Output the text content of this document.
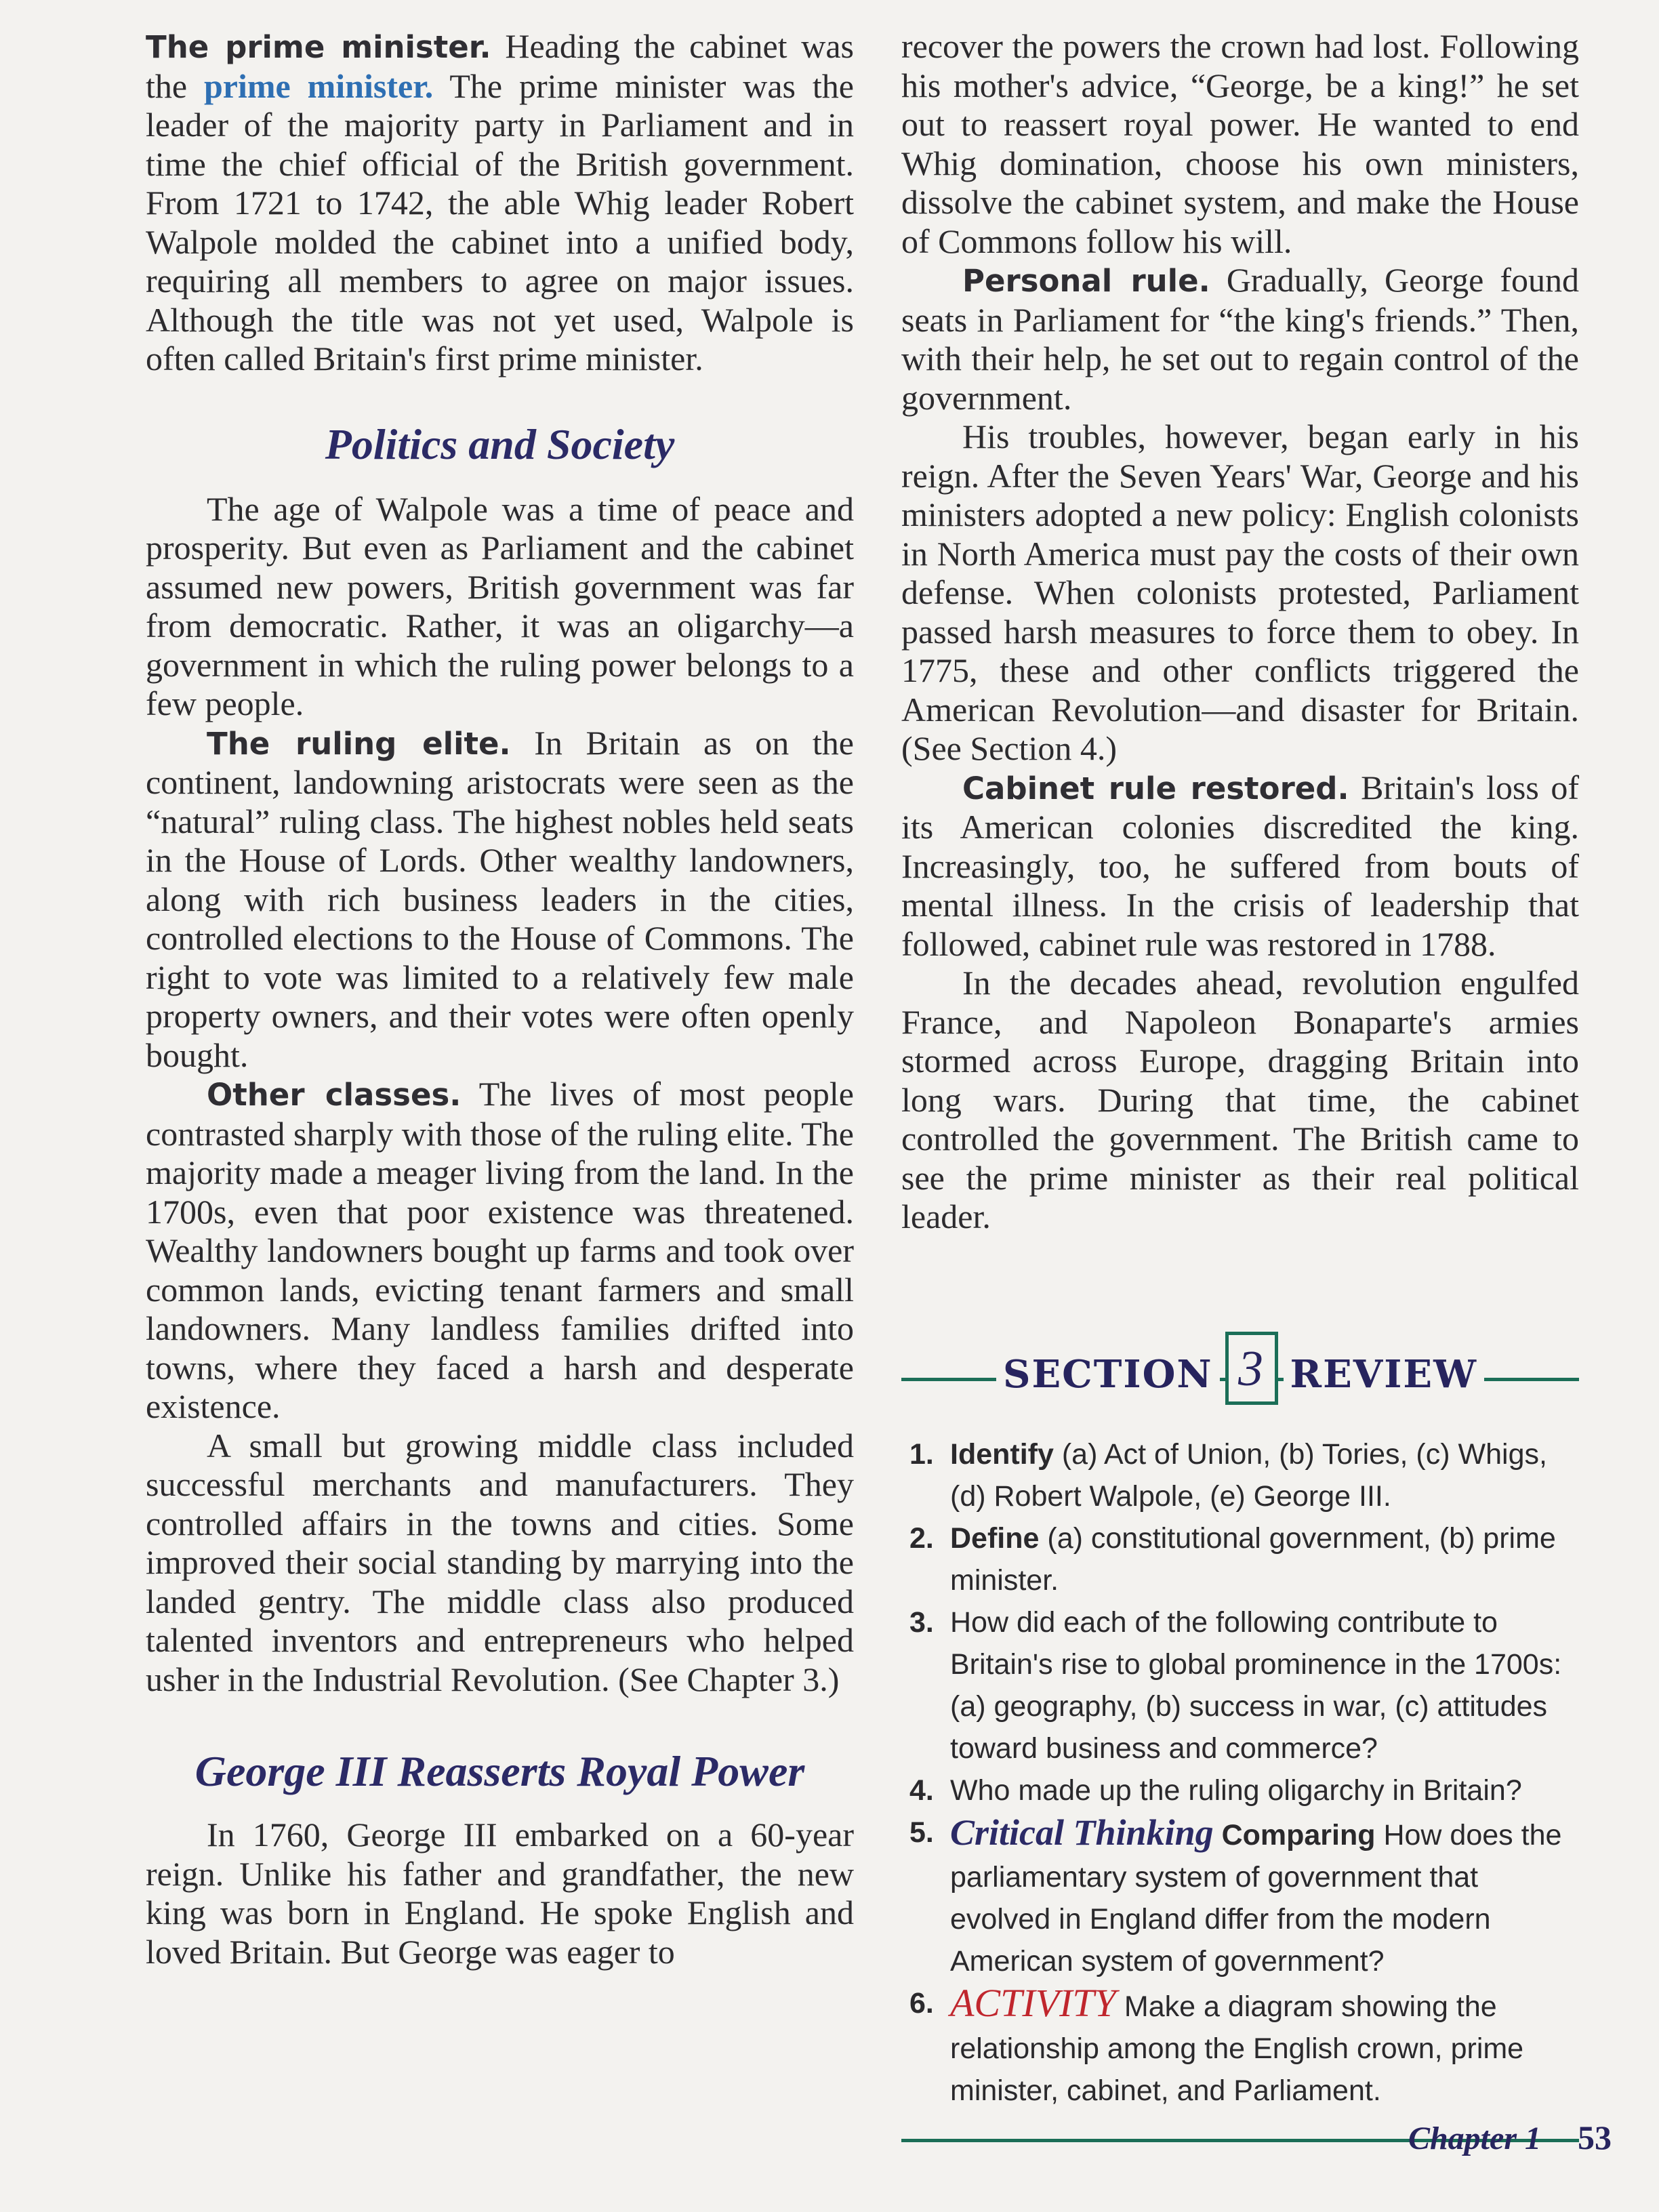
The prime minister. Heading the cabinet was the prime minister. The prime minister was the leader of the majority party in Parliament and in time the chief official of the British government. From 1721 to 1742, the able Whig leader Robert Walpole molded the cabinet into a unified body, requiring all members to agree on major issues. Although the title was not yet used, Walpole is often called Britain's first prime minister.

Politics and Society

The age of Walpole was a time of peace and prosperity. But even as Parliament and the cabinet assumed new powers, British government was far from democratic. Rather, it was an oligarchy—a government in which the ruling power belongs to a few people.

The ruling elite. In Britain as on the continent, landowning aristocrats were seen as the “natural” ruling class. The highest nobles held seats in the House of Lords. Other wealthy landowners, along with rich business leaders in the cities, controlled elections to the House of Commons. The right to vote was limited to a relatively few male property owners, and their votes were often openly bought.

Other classes. The lives of most people contrasted sharply with those of the ruling elite. The majority made a meager living from the land. In the 1700s, even that poor existence was threatened. Wealthy landowners bought up farms and took over common lands, evicting tenant farmers and small landowners. Many landless families drifted into towns, where they faced a harsh and desperate existence.

A small but growing middle class included successful merchants and manufacturers. They controlled affairs in the towns and cities. Some improved their social standing by marrying into the landed gentry. The middle class also produced talented inventors and entrepreneurs who helped usher in the Industrial Revolution. (See Chapter 3.)

George III Reasserts Royal Power

In 1760, George III embarked on a 60-year reign. Unlike his father and grandfather, the new king was born in England. He spoke English and loved Britain. But George was eager to

recover the powers the crown had lost. Following his mother's advice, “George, be a king!” he set out to reassert royal power. He wanted to end Whig domination, choose his own ministers, dissolve the cabinet system, and make the House of Commons follow his will.

Personal rule. Gradually, George found seats in Parliament for “the king's friends.” Then, with their help, he set out to regain control of the government.

His troubles, however, began early in his reign. After the Seven Years' War, George and his ministers adopted a new policy: English colonists in North America must pay the costs of their own defense. When colonists protested, Parliament passed harsh measures to force them to obey. In 1775, these and other conflicts triggered the American Revolution—and disaster for Britain. (See Section 4.)

Cabinet rule restored. Britain's loss of its American colonies discredited the king. Increasingly, too, he suffered from bouts of mental illness. In the crisis of leadership that followed, cabinet rule was restored in 1788.

In the decades ahead, revolution engulfed France, and Napoleon Bonaparte's armies stormed across Europe, dragging Britain into long wars. During that time, the cabinet controlled the government. The British came to see the prime minister as their real political leader.

SECTION 3 REVIEW
1. Identify (a) Act of Union, (b) Tories, (c) Whigs, (d) Robert Walpole, (e) George III.
2. Define (a) constitutional government, (b) prime minister.
3. How did each of the following contribute to Britain's rise to global prominence in the 1700s: (a) geography, (b) success in war, (c) attitudes toward business and commerce?
4. Who made up the ruling oligarchy in Britain?
5. Critical Thinking Comparing How does the parliamentary system of government that evolved in England differ from the modern American system of government?
6. ACTIVITY Make a diagram showing the relationship among the English crown, prime minister, cabinet, and Parliament.
Chapter 1 53
